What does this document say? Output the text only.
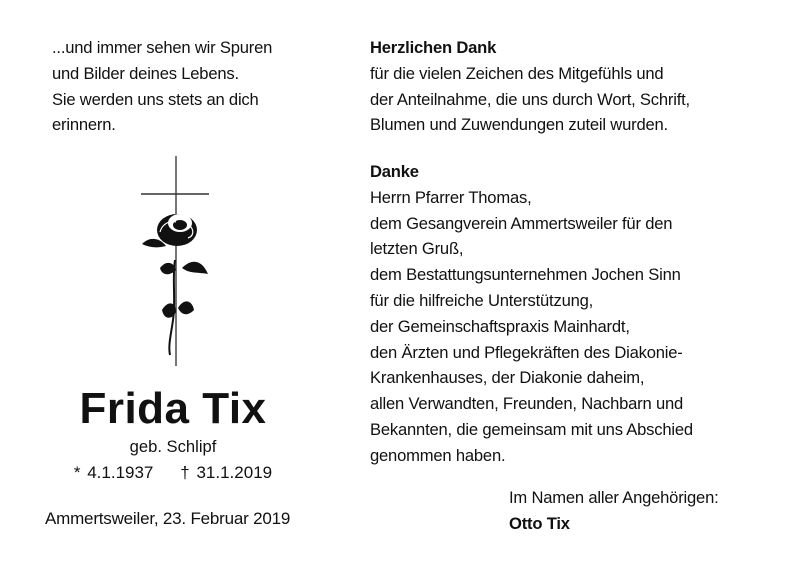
...und immer sehen wir Spuren
und Bilder deines Lebens.
Sie werden uns stets an dich
erinnern.
Frida Tix
geb. Schlipf
* 4.1.1937 † 31.1.2019
Ammertsweiler, 23. Februar 2019
Herzlichen Dank
für die vielen Zeichen des Mitgefühls und
der Anteilnahme, die uns durch Wort, Schrift,
Blumen und Zuwendungen zuteil wurden.
Danke
Herrn Pfarrer Thomas,
dem Gesangverein Ammertsweiler für den
letzten Gruß,
dem Bestattungsunternehmen Jochen Sinn
für die hilfreiche Unterstützung,
der Gemeinschaftspraxis Mainhardt,
den Ärzten und Pflegekräften des Diakonie-
Krankenhauses, der Diakonie daheim,
allen Verwandten, Freunden, Nachbarn und
Bekannten, die gemeinsam mit uns Abschied
genommen haben.
Im Namen aller Angehörigen:
Otto Tix
